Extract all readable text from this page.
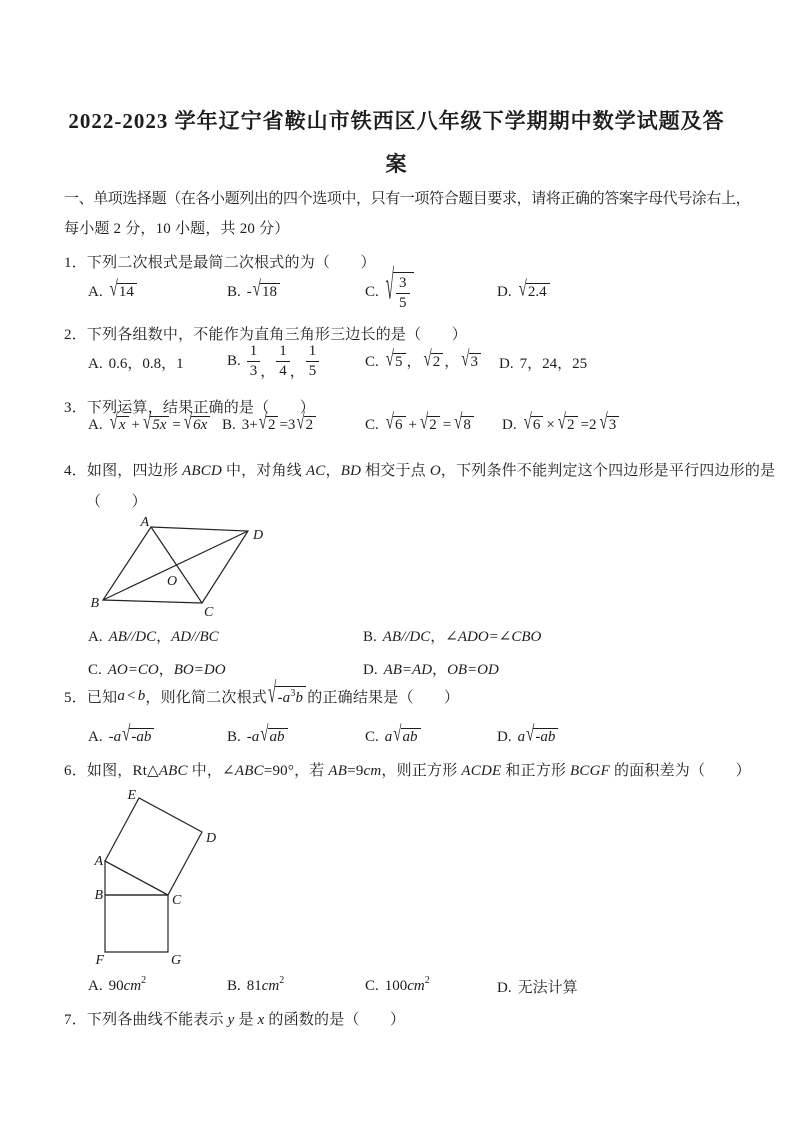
2022-2023 学年辽宁省鞍山市铁西区八年级下学期期中数学试题及答
案
一、单项选择题（在各小题列出的四个选项中，只有一项符合题目要求，请将正确的答案字母代号涂右上，
每小题 2 分，10 小题，共 20 分）
1．下列二次根式是最简二次根式的为（　　）
A. √ 14	B. - √ 18	C. √ $\frac{3}{5}$	D. √ 2.4
2．下列各组数中，不能作为直角三角形三边长的是（　　）
A. 0.6，0.8，1	B. $\frac{1}{3}$ ， $\frac{1}{4}$ ， $\frac{1}{5}$	C. √ 5 ， √ 2 ， √ 3 D. 7，24，25
3．下列运算，结果正确的是（　　）
A. √ x + √ 5x = √ 6x B. 3+ √ 2 =3 √ 2	C. √ 6 + √ 2 = √ 8 D. √ 6 × √ 2 =2 √ 3
4．如图，四边形 ABCD 中，对角线 AC，BD 相交于点 O，下列条件不能判定这个四边形是平行四边形的是
（　　）
A
D
B
C
O
A. AB//DC ， AD//BC	B. AB//DC ， ∠ADO=∠CBO
C. AO=CO ， BO=DO	D. AB=AD ， OB=OD
5．已知 a < b ，则化简二次根式 √ $-a^3b$ 的正确结果是（　　）
A. -a √ -ab	B. -a √ ab	C. a √ ab	D. a √ -ab
6．如图，Rt△ABC 中，∠ABC=90°，若 AB=9cm，则正方形 ACDE 和正方形 BCGF 的面积差为（　　）
E
D
A
B	C
F	G
A. $90cm^2$	B. $81cm^2$	C. $100cm^2$	D. 无法计算
7．下列各曲线不能表示 y 是 x 的函数的是（　　）
